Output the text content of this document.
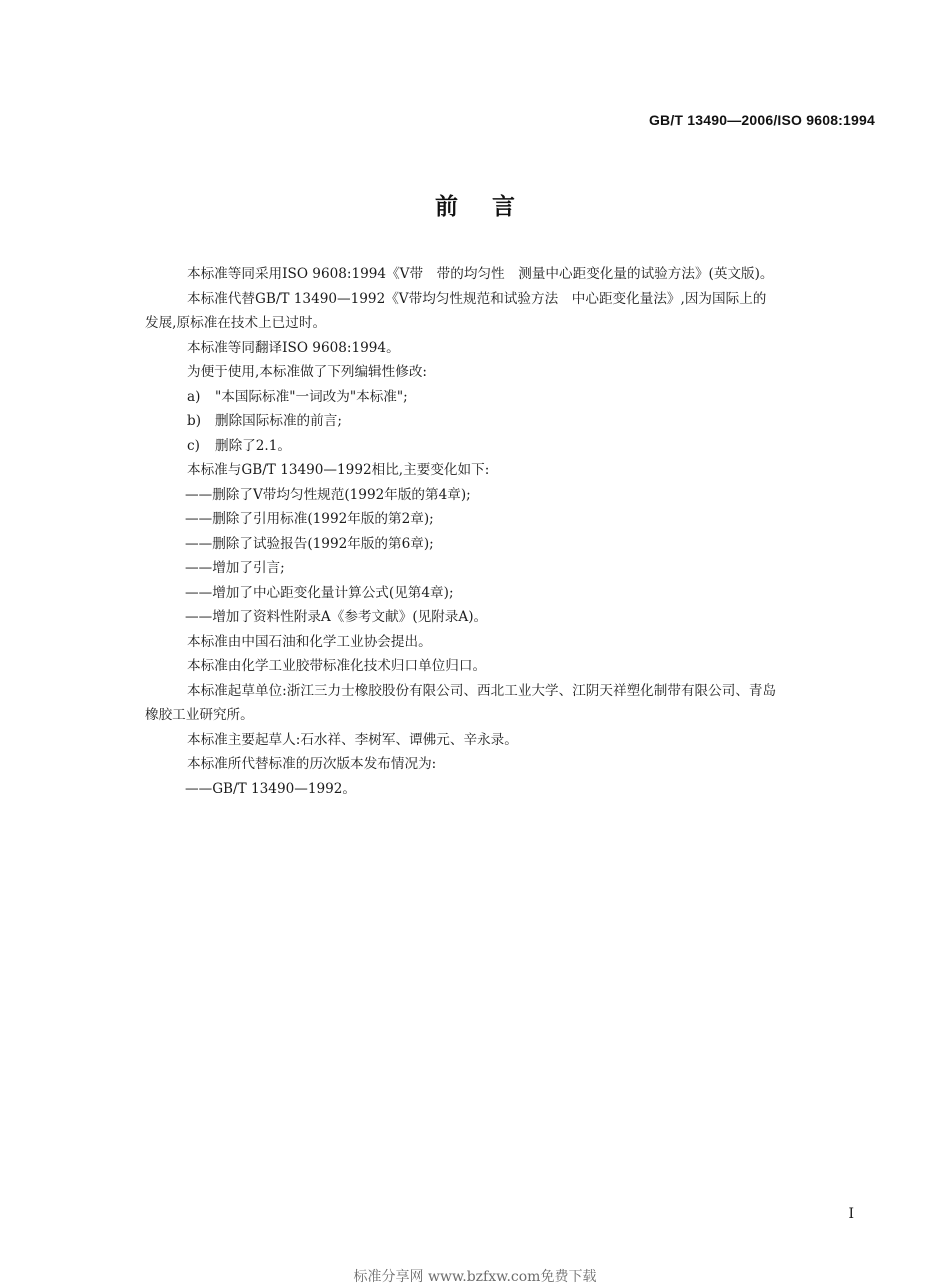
GB/T 13490—2006/ISO 9608:1994
前言

本标准等同采用ISO 9608:1994《V带　带的均匀性　测量中心距变化量的试验方法》(英文版)。

本标准代替GB/T 13490—1992《V带均匀性规范和试验方法　中心距变化量法》,因为国际上的

发展,原标准在技术上已过时。

本标准等同翻译ISO 9608:1994。

为便于使用,本标准做了下列编辑性修改:

a) "本国际标准"一词改为"本标准";

b) 删除国际标准的前言;

c) 删除了2.1。

本标准与GB/T 13490—1992相比,主要变化如下:

——删除了V带均匀性规范(1992年版的第4章);

——删除了引用标准(1992年版的第2章);

——删除了试验报告(1992年版的第6章);

——增加了引言;

——增加了中心距变化量计算公式(见第4章);

——增加了资料性附录A《参考文献》(见附录A)。

本标准由中国石油和化学工业协会提出。

本标准由化学工业胶带标准化技术归口单位归口。

本标准起草单位:浙江三力士橡胶股份有限公司、西北工业大学、江阴天祥塑化制带有限公司、青岛

橡胶工业研究所。

本标准主要起草人:石水祥、李树军、谭佛元、辛永录。

本标准所代替标准的历次版本发布情况为:

——GB/T 13490—1992。

I
标准分享网 www.bzfxw.com免费下载
